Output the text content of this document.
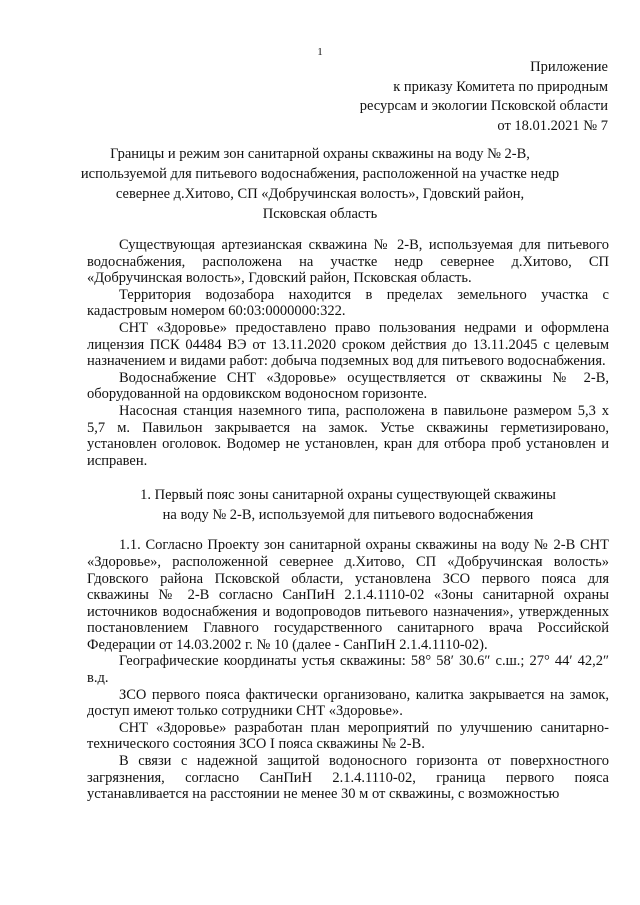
1
Приложение
к приказу Комитета по природным
ресурсам и экологии Псковской области
от 18.01.2021 № 7
Границы и режим зон санитарной охраны скважины на воду № 2-В,
используемой для питьевого водоснабжения, расположенной на участке недр
севернее д.Хитово, СП «Добручинская волость», Гдовский район,
Псковская область

Существующая артезианская скважина № 2-В, используемая для питьевого водоснабжения, расположена на участке недр севернее д.Хитово, СП «Добручинская волость», Гдовский район, Псковская область.

Территория водозабора находится в пределах земельного участка с кадастровым номером 60:03:0000000:322.

СНТ «Здоровье» предоставлено право пользования недрами и оформлена лицензия ПСК 04484 ВЭ от 13.11.2020 сроком действия до 13.11.2045 с целевым назначением и видами работ: добыча подземных вод для питьевого водоснабжения.

Водоснабжение СНТ «Здоровье» осуществляется от скважины № 2-В, оборудованной на ордовикском водоносном горизонте.

Насосная станция наземного типа, расположена в павильоне размером 5,3 х 5,7 м. Павильон закрывается на замок. Устье скважины герметизировано, установлен оголовок. Водомер не установлен, кран для отбора проб установлен и исправен.

1. Первый пояс зоны санитарной охраны существующей скважины
на воду № 2-В, используемой для питьевого водоснабжения

1.1. Согласно Проекту зон санитарной охраны скважины на воду № 2-В СНТ «Здоровье», расположенной севернее д.Хитово, СП «Добручинская волость» Гдовского района Псковской области, установлена ЗСО первого пояса для скважины № 2-В согласно СанПиН 2.1.4.1110-02 «Зоны санитарной охраны источников водоснабжения и водопроводов питьевого назначения», утвержденных постановлением Главного государственного санитарного врача Российской Федерации от 14.03.2002 г. № 10 (далее - СанПиН 2.1.4.1110-02).

Географические координаты устья скважины: 58° 58′ 30.6″ с.ш.; 27° 44′ 42,2″ в.д.

ЗСО первого пояса фактически организовано, калитка закрывается на замок, доступ имеют только сотрудники СНТ «Здоровье».

СНТ «Здоровье» разработан план мероприятий по улучшению санитарно-технического состояния ЗСО I пояса скважины № 2-В.

В связи с надежной защитой водоносного горизонта от поверхностного загрязнения, согласно СанПиН 2.1.4.1110-02, граница первого пояса устанавливается на расстоянии не менее 30 м от скважины, с возможностью
